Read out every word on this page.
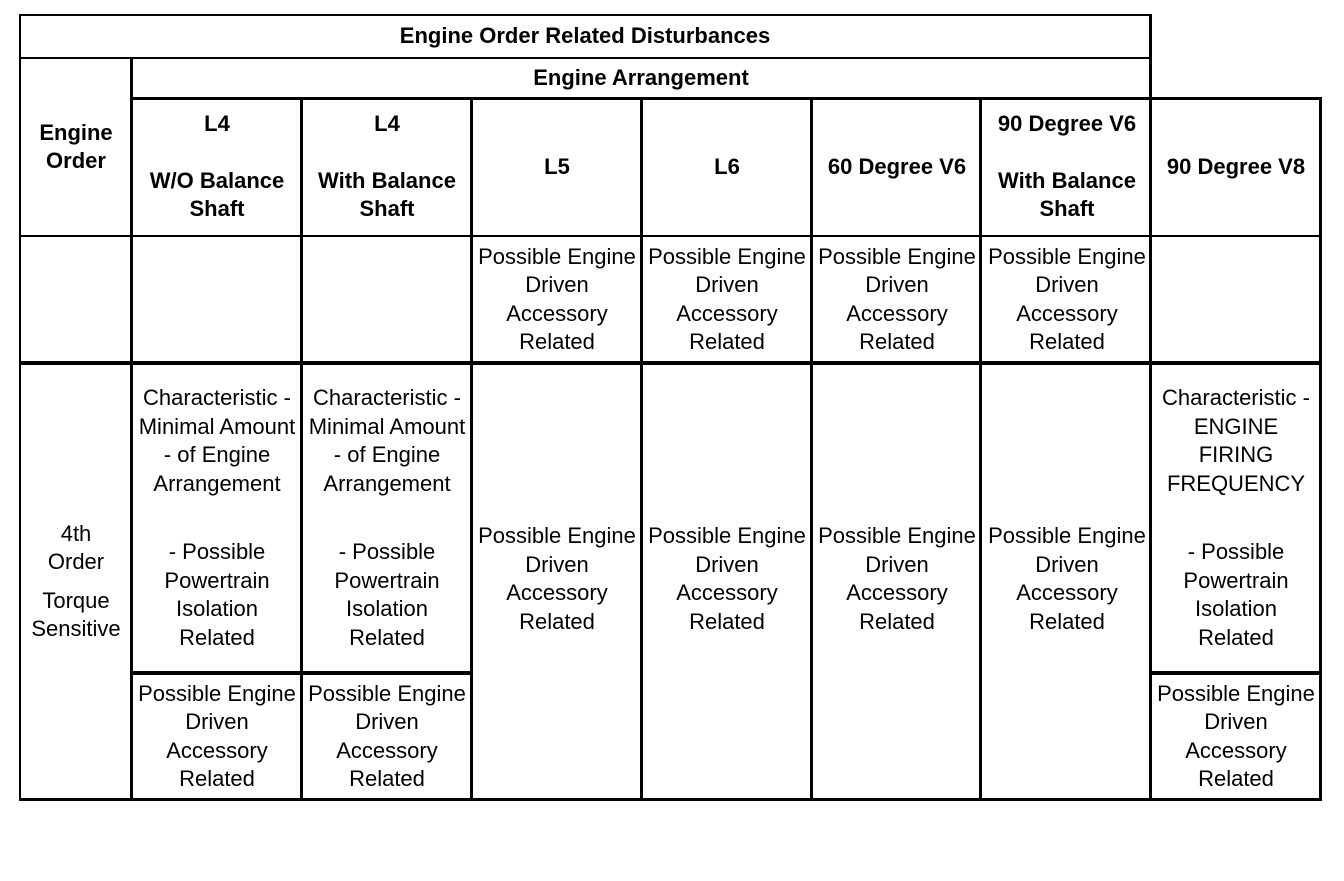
Engine Order Related Disturbances
Engine Arrangement
Engine Order
L4
W/O Balance Shaft
L4
With Balance Shaft
L5	L6	60 Degree V6
90 Degree V6
With Balance Shaft
90 Degree V8
Possible Engine Driven Accessory Related
Possible Engine Driven Accessory Related
Possible Engine Driven Accessory Related
Possible Engine Driven Accessory Related
4th Order
Torque Sensitive
Characteristic - Minimal Amount - of Engine Arrangement
- Possible Powertrain Isolation Related
Possible Engine Driven Accessory Related
Characteristic - Minimal Amount - of Engine Arrangement
- Possible Powertrain Isolation Related
Possible Engine Driven Accessory Related
Possible Engine Driven Accessory Related
Possible Engine Driven Accessory Related
Possible Engine Driven Accessory Related
Possible Engine Driven Accessory Related
Characteristic - ENGINE FIRING FREQUENCY
- Possible Powertrain Isolation Related
Possible Engine Driven Accessory Related
